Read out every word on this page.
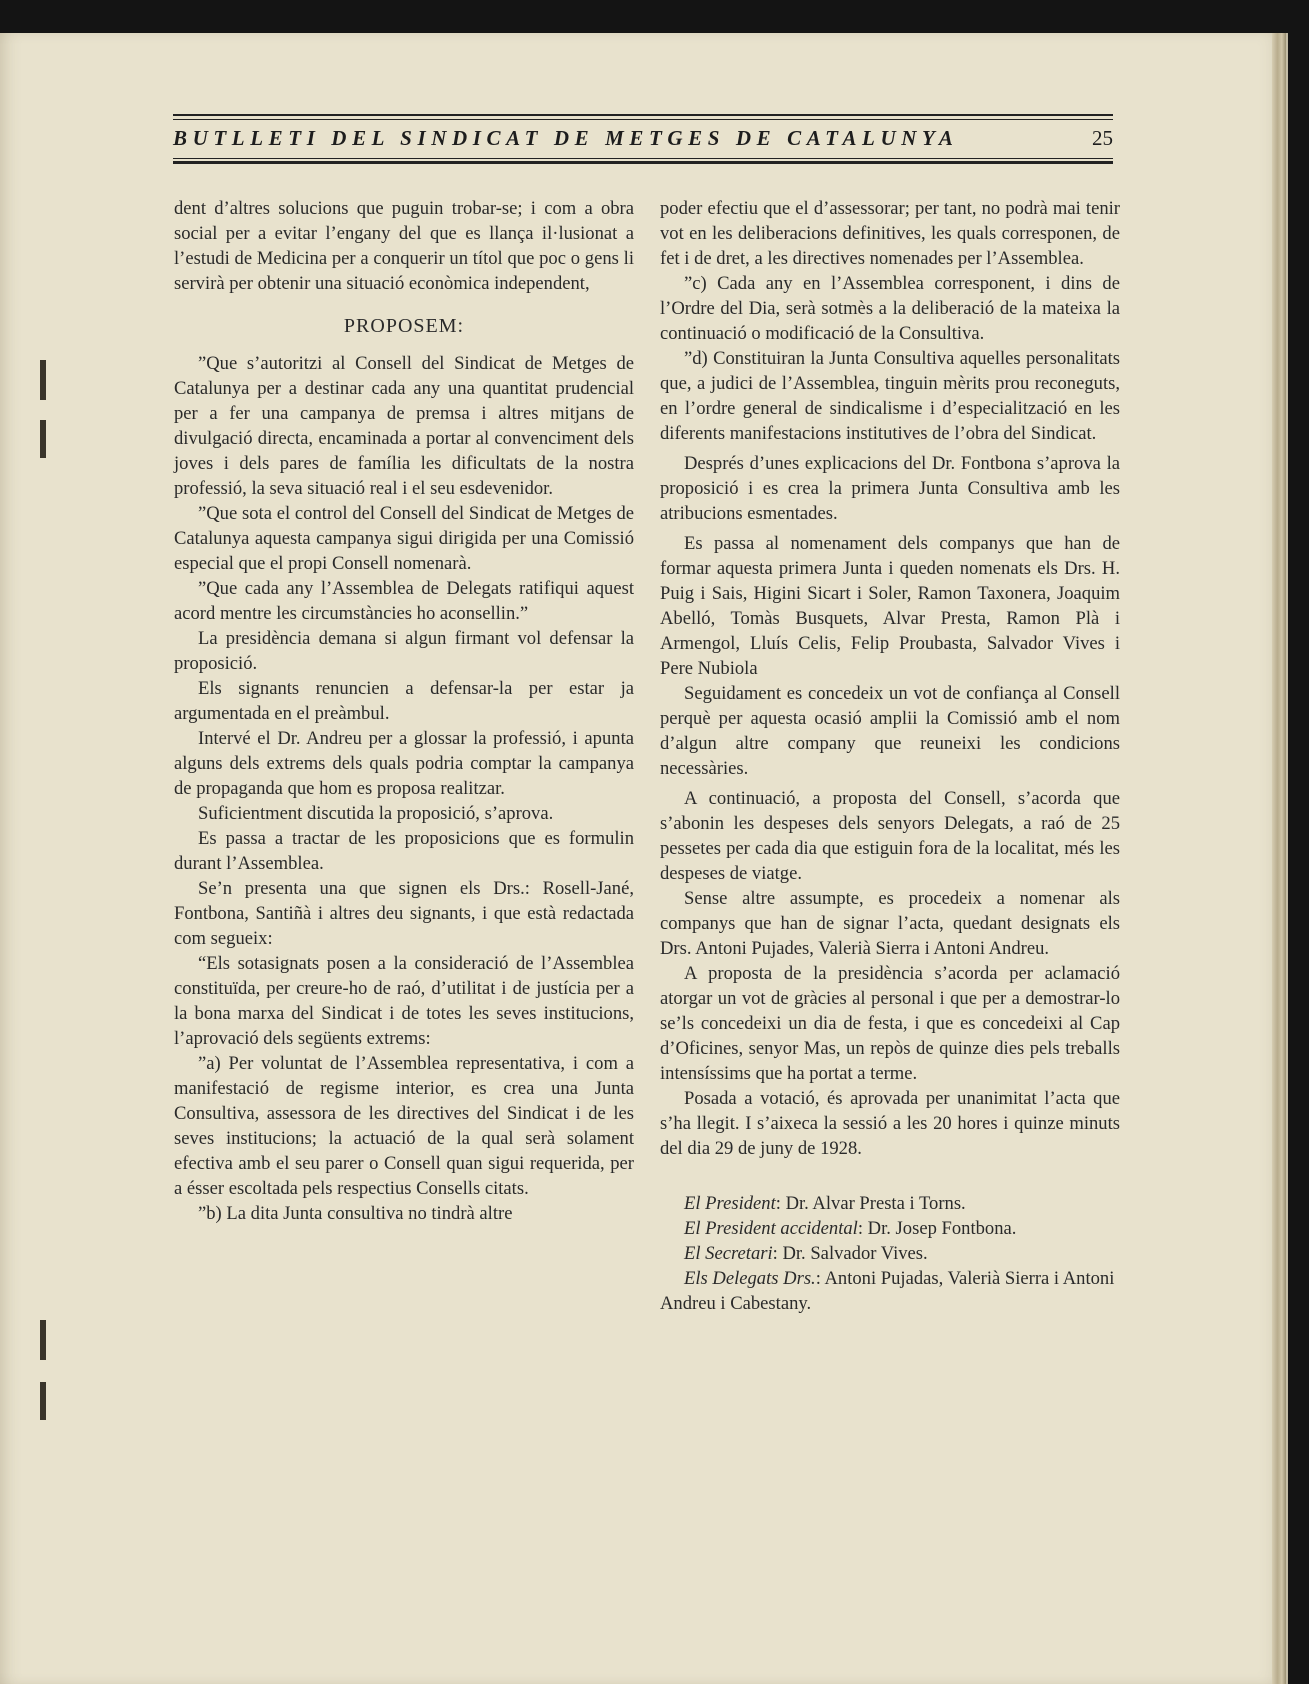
BUTLLETI DEL SINDICAT DE METGES DE CATALUNYA	25

dent d’altres solucions que puguin trobar-se; i com a obra social per a evitar l’engany del que es llança il·lusionat a l’estudi de Medicina per a conquerir un títol que poc o gens li servirà per obtenir una situació econòmica independent,

PROPOSEM:

”Que s’autoritzi al Consell del Sindicat de Metges de Catalunya per a destinar cada any una quantitat prudencial per a fer una campanya de premsa i altres mitjans de divulgació directa, encaminada a portar al convenciment dels joves i dels pares de família les dificultats de la nostra professió, la seva situació real i el seu esdevenidor.

”Que sota el control del Consell del Sindicat de Metges de Catalunya aquesta campanya sigui dirigida per una Comissió especial que el propi Consell nomenarà.

”Que cada any l’Assemblea de Delegats ratifiqui aquest acord mentre les circumstàncies ho aconsellin.”

La presidència demana si algun firmant vol defensar la proposició.

Els signants renuncien a defensar-la per estar ja argumentada en el preàmbul.

Intervé el Dr. Andreu per a glossar la professió, i apunta alguns dels extrems dels quals podria comptar la campanya de propaganda que hom es proposa realitzar.

Suficientment discutida la proposició, s’aprova.

Es passa a tractar de les proposicions que es formulin durant l’Assemblea.

Se’n presenta una que signen els Drs.: Rosell-Jané, Fontbona, Santiñà i altres deu signants, i que està redactada com segueix:

“Els sotasignats posen a la consideració de l’Assemblea constituïda, per creure-ho de raó, d’utilitat i de justícia per a la bona marxa del Sindicat i de totes les seves institucions, l’aprovació dels següents extrems:

”a) Per voluntat de l’Assemblea representativa, i com a manifestació de regisme interior, es crea una Junta Consultiva, assessora de les directives del Sindicat i de les seves institucions; la actuació de la qual serà solament efectiva amb el seu parer o Consell quan sigui requerida, per a ésser escoltada pels respectius Consells citats.

”b) La dita Junta consultiva no tindrà altre

poder efectiu que el d’assessorar; per tant, no podrà mai tenir vot en les deliberacions definitives, les quals corresponen, de fet i de dret, a les directives nomenades per l’Assemblea.

”c) Cada any en l’Assemblea corresponent, i dins de l’Ordre del Dia, serà sotmès a la deliberació de la mateixa la continuació o modificació de la Consultiva.

”d) Constituiran la Junta Consultiva aquelles personalitats que, a judici de l’Assemblea, tinguin mèrits prou reconeguts, en l’ordre general de sindicalisme i d’especialització en les diferents manifestacions institutives de l’obra del Sindicat.

Després d’unes explicacions del Dr. Fontbona s’aprova la proposició i es crea la primera Junta Consultiva amb les atribucions esmentades.

Es passa al nomenament dels companys que han de formar aquesta primera Junta i queden nomenats els Drs. H. Puig i Sais, Higini Sicart i Soler, Ramon Taxonera, Joaquim Abelló, Tomàs Busquets, Alvar Presta, Ramon Plà i Armengol, Lluís Celis, Felip Proubasta, Salvador Vives i Pere Nubiola

Seguidament es concedeix un vot de confiança al Consell perquè per aquesta ocasió amplii la Comissió amb el nom d’algun altre company que reuneixi les condicions necessàries.

A continuació, a proposta del Consell, s’acorda que s’abonin les despeses dels senyors Delegats, a raó de 25 pessetes per cada dia que estiguin fora de la localitat, més les despeses de viatge.

Sense altre assumpte, es procedeix a nomenar als companys que han de signar l’acta, quedant designats els Drs. Antoni Pujades, Valerià Sierra i Antoni Andreu.

A proposta de la presidència s’acorda per aclamació atorgar un vot de gràcies al personal i que per a demostrar-lo se’ls concedeixi un dia de festa, i que es concedeixi al Cap d’Oficines, senyor Mas, un repòs de quinze dies pels treballs intensíssims que ha portat a terme.

Posada a votació, és aprovada per unanimitat l’acta que s’ha llegit. I s’aixeca la sessió a les 20 hores i quinze minuts del dia 29 de juny de 1928.

El President: Dr. Alvar Presta i Torns.

El President accidental: Dr. Josep Fontbona.

El Secretari: Dr. Salvador Vives.

Els Delegats Drs.: Antoni Pujadas, Valerià Sierra i Antoni Andreu i Cabestany.
